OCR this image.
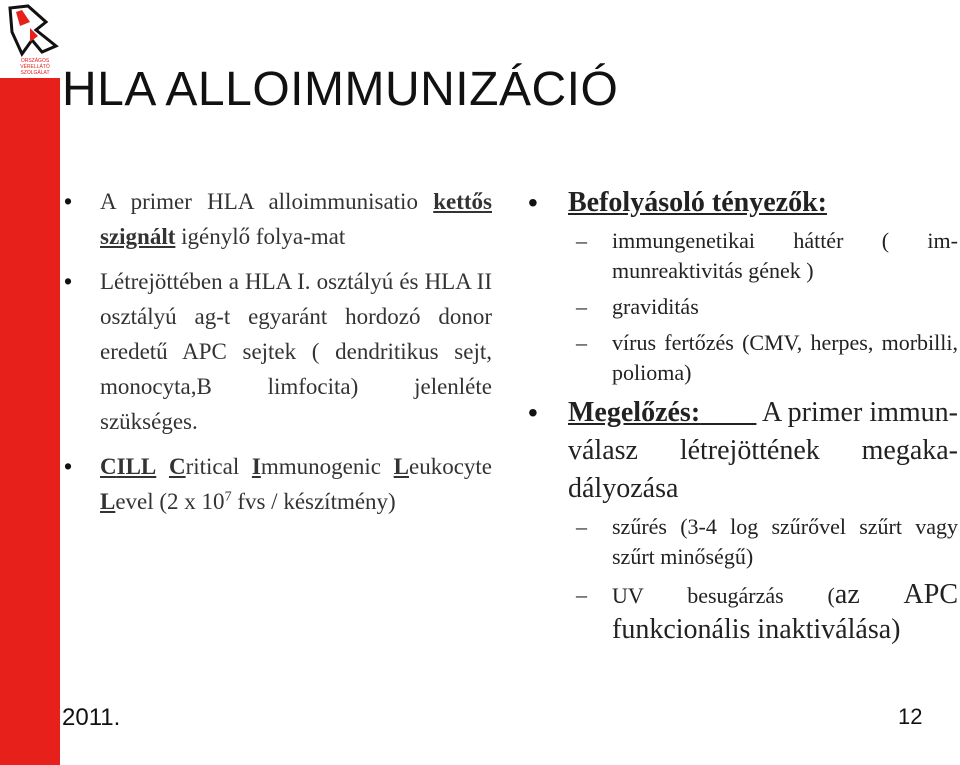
ORSZÁGOS
VÉRELLÁTÓ
SZOLGÁLAT HLA ALLOIMMUNIZÁCIÓ
• A primer HLA alloimmunisatio kettős szignált igénylő folya-mat
• Létrejöttében a HLA I. osztályú és HLA II osztályú ag-t egyaránt hordozó donor eredetű APC sejtek ( dendritikus sejt, monocyta,B limfocita) jelenléte szükséges.
• CILL Critical Immunogenic Leukocyte Level (2 x $10^7$ fvs / készítmény)
• Befolyásoló tényezők:
– immungenetikai háttér ( im-munreaktivitás gének )
– graviditás
– vírus fertőzés (CMV, herpes, morbilli, polioma)
• Megelőzés: A primer immun-válasz létrejöttének megaka-dályozása
– szűrés (3-4 log szűrővel szűrt vagy szűrt minőségű)
– UV besugárzás (az APC funkcionális inaktiválása)
2011.	12
